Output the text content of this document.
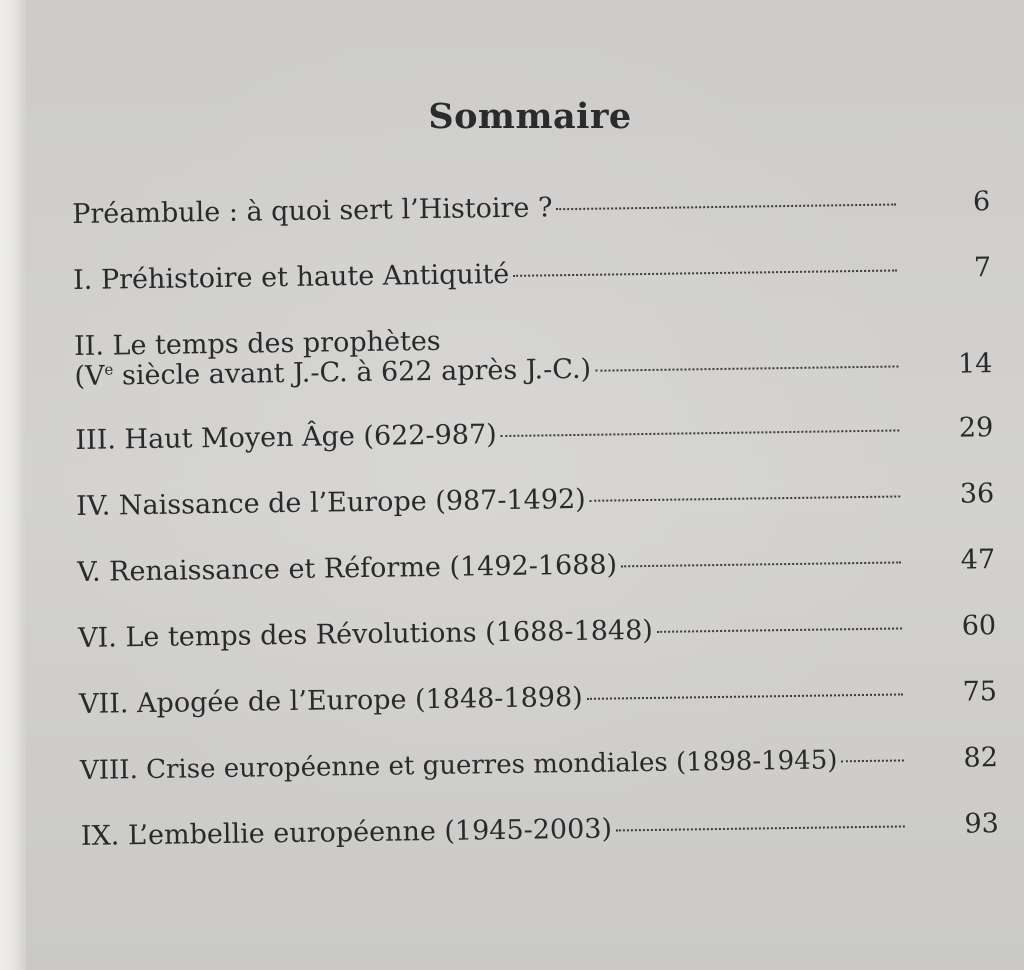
Sommaire
Préambule : à quoi sert l’Histoire ?	6
I. Préhistoire et haute Antiquité	7
II. Le temps des prophètes
(Ve siècle avant J.-C. à 622 après J.-C.)	14
III. Haut Moyen Âge (622-987)	29
IV. Naissance de l’Europe (987-1492)	36
V. Renaissance et Réforme (1492-1688)	47
VI. Le temps des Révolutions (1688-1848)	60
VII. Apogée de l’Europe (1848-1898)	75
VIII. Crise européenne et guerres mondiales (1898-1945)	82
IX. L’embellie européenne (1945-2003)	93
